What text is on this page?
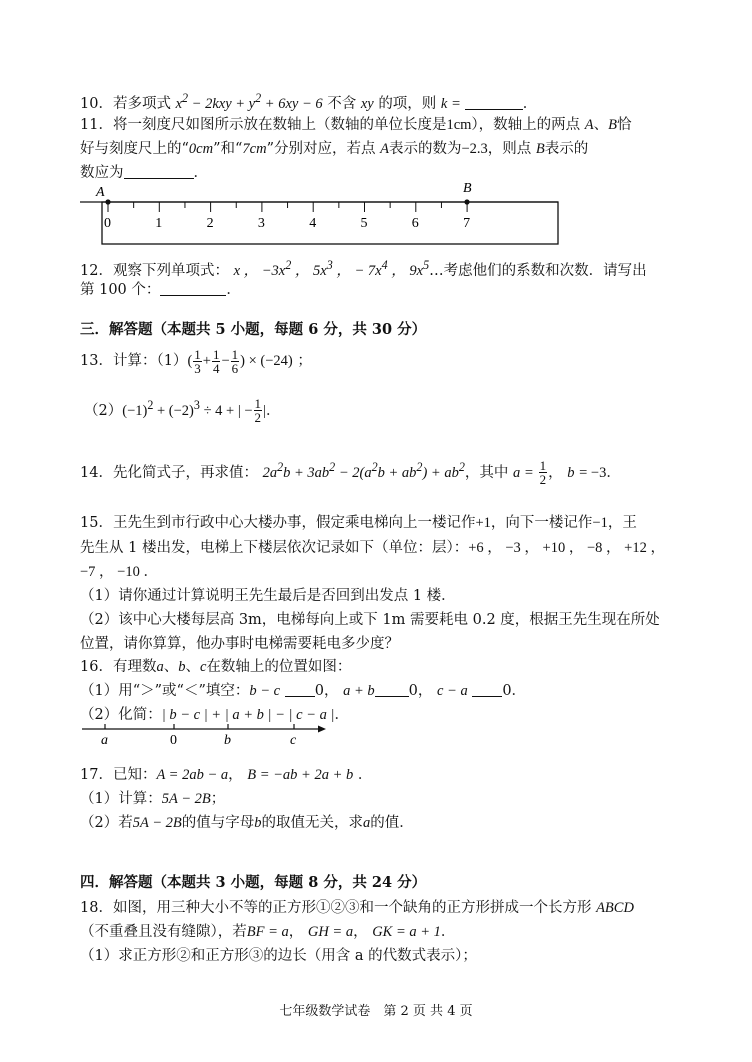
10．若多项式 $x^2 - 2kxy + y^2 + 6xy - 6$ 不含 xy 的项，则 k =	．
11．将一刻度尺如图所示放在数轴上（数轴的单位长度是1cm），数轴上的两点 A、B恰
好与刻度尺上的“0cm”和“7cm”分别对应，若点 A表示的数为−2.3，则点 B表示的
数应为	．
A	B
0	1	2	3	4	5	6	7
12．观察下列单项式： x ， $-3x^2$ ， $5x^3$ ， − $7x^4$ ， $9x^5\dots$考虑他们的系数和次数．请写出
第 100 个：	．
三．解答题（本题共 5 小题，每题 6 分，共 30 分）
13．计算：$(1)( \frac{1}{3} + \frac{1}{4} - \frac{1}{6}$ ) × (−24) ；
$(2)(-1)^2 + (-2)^3 \div 4$ + | − $\frac{1}{2}$ |．
14．先化简式子，再求值： $2a^2b + 3ab^2 - 2(a^2b + ab^2) + ab^2$，其中 $a = \frac{1}{2}$ ， b = −3．
15．王先生到市行政中心大楼办事，假定乘电梯向上一楼记作+1，向下一楼记作−1，王
先生从 1 楼出发，电梯上下楼层依次记录如下（单位：层）：+6 ， −3 ， +10 ， −8 ， +12 ，
−7 ， −10 ．
（1）请你通过计算说明王先生最后是否回到出发点 1 楼．
（2）该中心大楼每层高 3m，电梯每向上或下 1m 需要耗电 0.2 度，根据王先生现在所处
位置，请你算算，他办事时电梯需要耗电多少度？
16．有理数a、b、c在数轴上的位置如图：
（1）用“＞”或“＜”填空：b − c 0， a + b 0， c − a 0．
（2）化简：| b − c | + | a + b | − | c − a |．
a	0	b	c
17．已知：A = 2ab − a， B = −ab + 2a + b ．
（1）计算：5A − 2B；
（2）若5A − 2B的值与字母b的取值无关，求a的值．
四．解答题（本题共 3 小题，每题 8 分，共 24 分）
18．如图，用三种大小不等的正方形①②③和一个缺角的正方形拼成一个长方形 ABCD
（不重叠且没有缝隙），若BF = a， GH = a， GK = a + 1．
（1）求正方形②和正方形③的边长（用含 a 的代数式表示）；
七年级数学试卷　第 2 页 共 4 页
